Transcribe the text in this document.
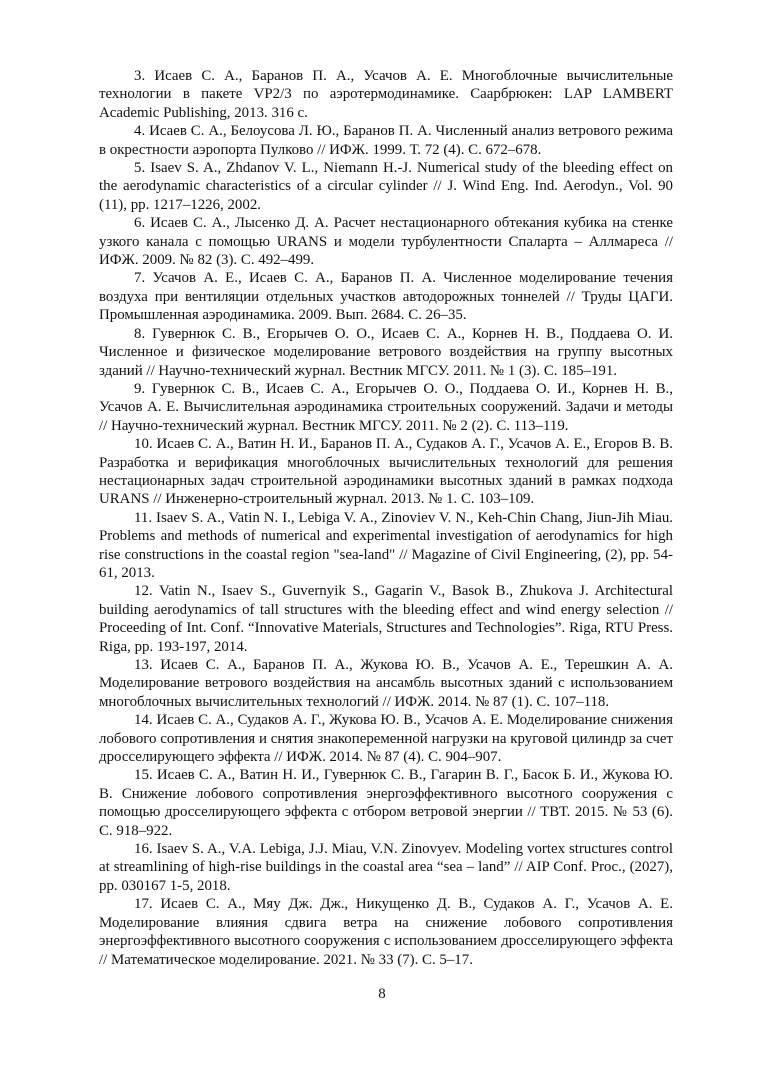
3. Исаев С. А., Баранов П. А., Усачов А. Е. Многоблочные вычислительные технологии в пакете VP2/3 по аэротермодинамике. Саарбрюкен: LAP LAMBERT Academic Publishing, 2013. 316 с.

4. Исаев С. А., Белоусова Л. Ю., Баранов П. А. Численный анализ ветрового режима в окрестности аэропорта Пулково // ИФЖ. 1999. Т. 72 (4). С. 672–678.

5. Isaev S. A., Zhdanov V. L., Niemann H.-J. Numerical study of the bleeding effect on the aerodynamic characteristics of a circular cylinder // J. Wind Eng. Ind. Aerodyn., Vol. 90 (11), pp. 1217–1226, 2002.

6. Исаев С. А., Лысенко Д. А. Расчет нестационарного обтекания кубика на стенке узкого канала с помощью URANS и модели турбулентности Спаларта – Аллмареса // ИФЖ. 2009. № 82 (3). С. 492–499.

7. Усачов А. Е., Исаев С. А., Баранов П. А. Численное моделирование течения воздуха при вентиляции отдельных участков автодорожных тоннелей // Труды ЦАГИ. Промышленная аэродинамика. 2009. Вып. 2684. С. 26–35.

8. Гувернюк С. В., Егорычев О. О., Исаев С. А., Корнев Н. В., Поддаева О. И. Численное и физическое моделирование ветрового воздействия на группу высотных зданий // Научно-технический журнал. Вестник МГСУ. 2011. № 1 (3). С. 185–191.

9. Гувернюк С. В., Исаев С. А., Егорычев О. О., Поддаева О. И., Корнев Н. В., Усачов А. Е. Вычислительная аэродинамика строительных сооружений. Задачи и методы // Научно-технический журнал. Вестник МГСУ. 2011. № 2 (2). С. 113–119.

10. Исаев С. А., Ватин Н. И., Баранов П. А., Судаков А. Г., Усачов А. Е., Егоров В. В. Разработка и верификация многоблочных вычислительных технологий для решения нестационарных задач строительной аэродинамики высотных зданий в рамках подхода URANS // Инженерно-строительный журнал. 2013. № 1. С. 103–109.

11. Isaev S. A., Vatin N. I., Lebiga V. A., Zinoviev V. N., Keh-Chin Chang, Jiun-Jih Miau. Problems and methods of numerical and experimental investigation of aerodynamics for high rise constructions in the coastal region "sea-land" // Magazine of Civil Engineering, (2), pp. 54-61, 2013.

12. Vatin N., Isaev S., Guvernyik S., Gagarin V., Basok B., Zhukova J. Architectural building aerodynamics of tall structures with the bleeding effect and wind energy selection // Proceeding of Int. Conf. “Innovative Materials, Structures and Technologies”. Riga, RTU Press. Riga, pp. 193-197, 2014.

13. Исаев С. А., Баранов П. А., Жукова Ю. В., Усачов А. Е., Терешкин А. А. Моделирование ветрового воздействия на ансамбль высотных зданий с использованием многоблочных вычислительных технологий // ИФЖ. 2014. № 87 (1). С. 107–118.

14. Исаев С. А., Судаков А. Г., Жукова Ю. В., Усачов А. Е. Моделирование снижения лобового сопротивления и снятия знакопеременной нагрузки на круговой цилиндр за счет дросселирующего эффекта // ИФЖ. 2014. № 87 (4). С. 904–907.

15. Исаев С. А., Ватин Н. И., Гувернюк С. В., Гагарин В. Г., Басок Б. И., Жукова Ю. В. Снижение лобового сопротивления энергоэффективного высотного сооружения с помощью дросселирующего эффекта с отбором ветровой энергии // ТВТ. 2015. № 53 (6). С. 918–922.

16. Isaev S. A., V.A. Lebiga, J.J. Miau, V.N. Zinovyev. Modeling vortex structures control at streamlining of high-rise buildings in the coastal area “sea – land” // AIP Conf. Proc., (2027), pp. 030167 1-5, 2018.

17. Исаев С. А., Мяу Дж. Дж., Никущенко Д. В., Судаков А. Г., Усачов А. Е. Моделирование влияния сдвига ветра на снижение лобового сопротивления энергоэффективного высотного сооружения с использованием дросселирующего эффекта // Математическое моделирование. 2021. № 33 (7). С. 5–17.

8
